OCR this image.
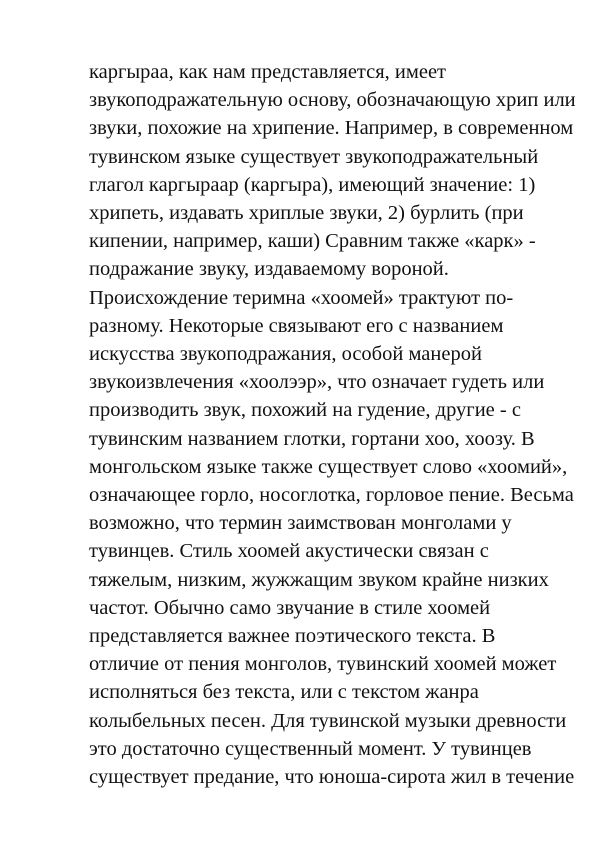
каргыраа, как нам представляется, имеет
звукоподражательную основу, обозначающую хрип или
звуки, похожие на хрипение. Например, в современном
тувинском языке существует звукоподражательный
глагол каргыраар (каргыра), имеющий значение: 1)
хрипеть, издавать хриплые звуки, 2) бурлить (при
кипении, например, каши) Сравним также «карк» -
подражание звуку, издаваемому вороной.
Происхождение теримна «хоомей» трактуют по-
разному. Некоторые связывают его с названием
искусства звукоподражания, особой манерой
звукоизвлечения «хоолээр», что означает гудеть или
производить звук, похожий на гудение, другие - с
тувинским названием глотки, гортани хоо, хоозу. В
монгольском языке также существует слово «хоомий»,
означающее горло, носоглотка, горловое пение. Весьма
возможно, что термин заимствован монголами у
тувинцев. Стиль хоомей акустически связан с
тяжелым, низким, жужжащим звуком крайне низких
частот. Обычно само звучание в стиле хоомей
представляется важнее поэтического текста. В
отличие от пения монголов, тувинский хоомей может
исполняться без текста, или с текстом жанра
колыбельных песен. Для тувинской музыки древности
это достаточно существенный момент. У тувинцев
существует предание, что юноша-сирота жил в течение
